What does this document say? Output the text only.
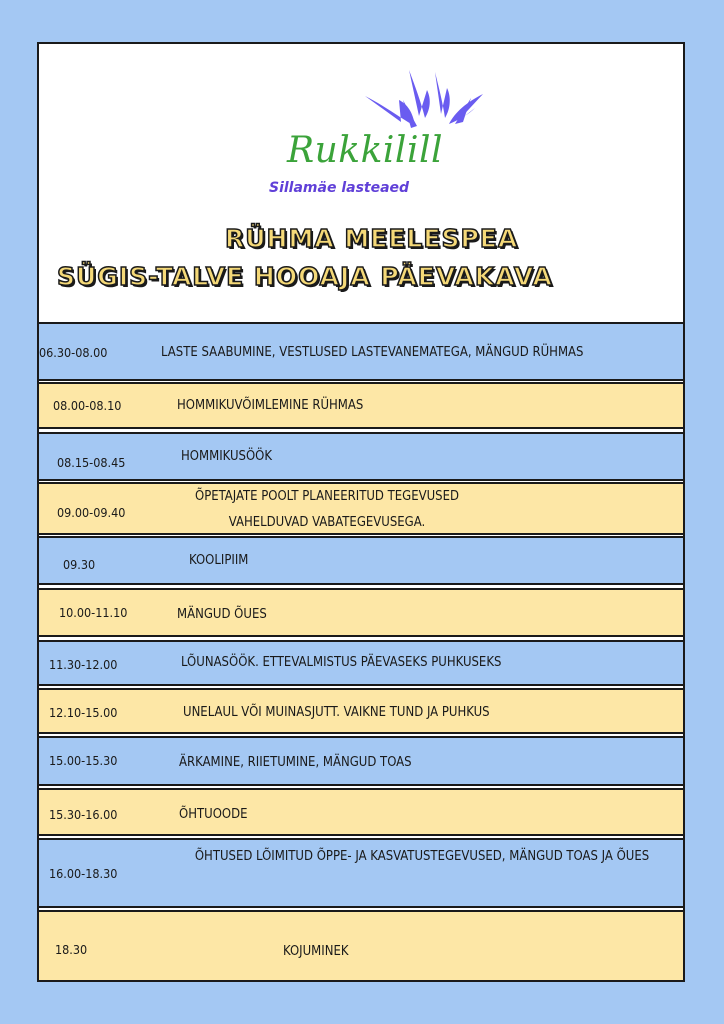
Rukkilill

Sillamäe lasteaed
RÜHMA MEELESPEA
SÜGIS-TALVE HOOAJA PÄEVAKAVA
06.30-08.00	LASTE SAABUMINE, VESTLUSED LASTEVANEMATEGA, MÄNGUD RÜHMAS
08.00-08.10	HOMMIKUVÕIMLEMINE RÜHMAS
08.15-08.45	HOMMIKUSÖÖK
09.00-09.40
ÕPETAJATE POOLT PLANEERITUD TEGEVUSED VAHELDUVAD VABATEGEVUSEGA.
09.30	KOOLIPIIM
10.00-11.10	MÄNGUD ÕUES
11.30-12.00	LÕUNASÖÖK. ETTEVALMISTUS PÄEVASEKS PUHKUSEKS
12.10-15.00	UNELAUL VÕI MUINASJUTT. VAIKNE TUND JA PUHKUS
15.00-15.30	ÄRKAMINE, RIIETUMINE, MÄNGUD TOAS
15.30-16.00	ÕHTUOODE
16.00-18.30
ÕHTUSED LÕIMITUD ÕPPE- JA KASVATUSTEGEVUSED, MÄNGUD TOAS JA ÕUES
18.30	KOJUMINEK
